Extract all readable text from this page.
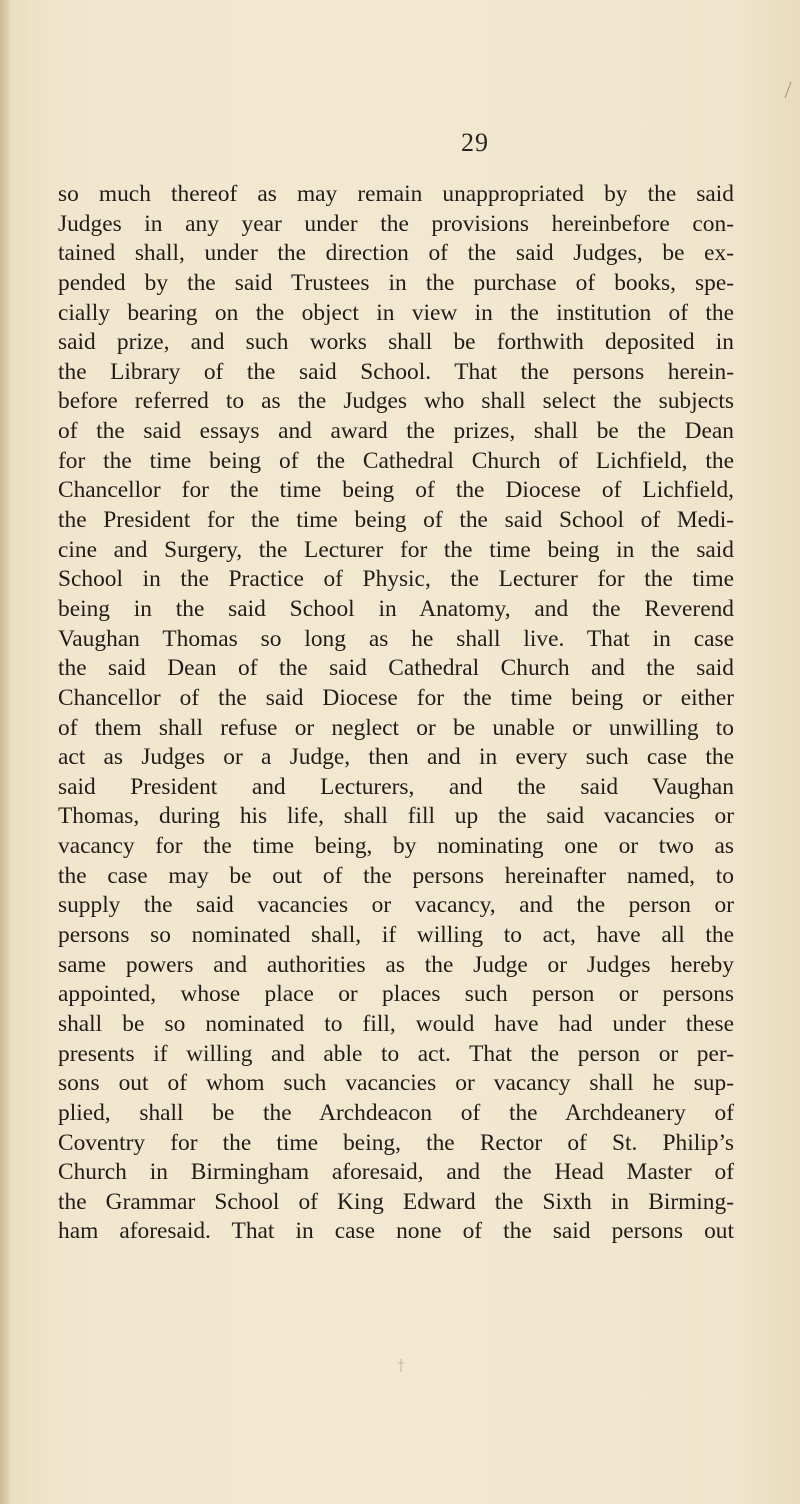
29
so much thereof as may remain unappropriated by the said
Judges in any year under the provisions hereinbefore con-
tained shall, under the direction of the said Judges, be ex-
pended by the said Trustees in the purchase of books, spe-
cially bearing on the object in view in the institution of the
said prize, and such works shall be forthwith deposited in
the Library of the said School. That the persons herein-
before referred to as the Judges who shall select the subjects
of the said essays and award the prizes, shall be the Dean
for the time being of the Cathedral Church of Lichfield, the
Chancellor for the time being of the Diocese of Lichfield,
the President for the time being of the said School of Medi-
cine and Surgery, the Lecturer for the time being in the said
School in the Practice of Physic, the Lecturer for the time
being in the said School in Anatomy, and the Reverend
Vaughan Thomas so long as he shall live. That in case
the said Dean of the said Cathedral Church and the said
Chancellor of the said Diocese for the time being or either
of them shall refuse or neglect or be unable or unwilling to
act as Judges or a Judge, then and in every such case the
said President and Lecturers, and the said Vaughan
Thomas, during his life, shall fill up the said vacancies or
vacancy for the time being, by nominating one or two as
the case may be out of the persons hereinafter named, to
supply the said vacancies or vacancy, and the person or
persons so nominated shall, if willing to act, have all the
same powers and authorities as the Judge or Judges hereby
appointed, whose place or places such person or persons
shall be so nominated to fill, would have had under these
presents if willing and able to act. That the person or per-
sons out of whom such vacancies or vacancy shall he sup-
plied, shall be the Archdeacon of the Archdeanery of
Coventry for the time being, the Rector of St. Philip’s
Church in Birmingham aforesaid, and the Head Master of
the Grammar School of King Edward the Sixth in Birming-
ham aforesaid. That in case none of the said persons out
